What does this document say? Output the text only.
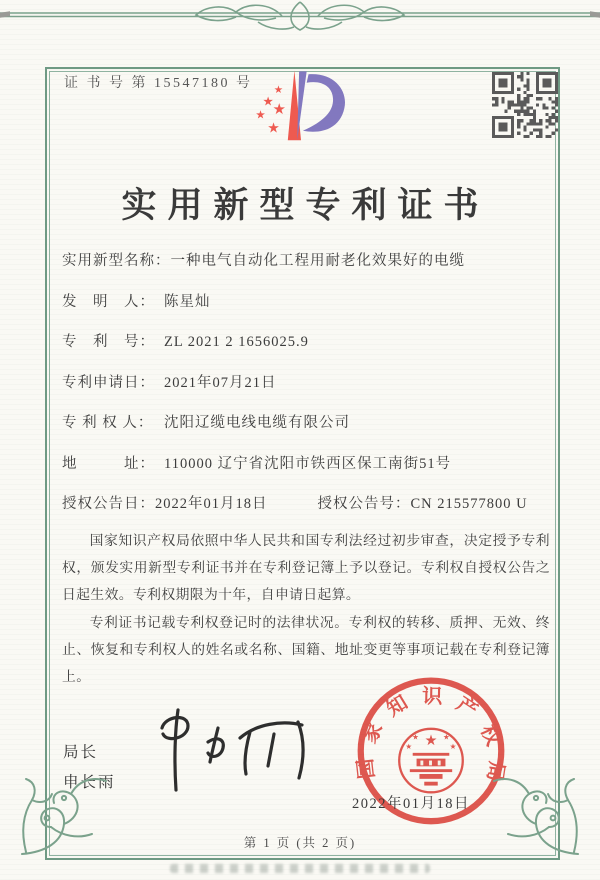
证 书 号 第 15547180 号 ★
★
★
★
★
实用新型专利证书
实用新型名称： 一种电气自动化工程用耐老化效果好的电缆
发　明　人： 陈星灿
专　利　号： ZL 2021 2 1656025.9
专利申请日： 2021年07月21日
专 利 权 人： 沈阳辽缆电线电缆有限公司
地　　　址： 110000 辽宁省沈阳市铁西区保工南街51号
授权公告日： 2022年01月18日	授权公告号： CN 215577800 U

国家知识产权局依照中华人民共和国专利法经过初步审查，决定授予专利权，颁发实用新型专利证书并在专利登记簿上予以登记。专利权自授权公告之日起生效。专利权期限为十年，自申请日起算。

专利证书记载专利权登记时的法律状况。专利权的转移、质押、无效、终止、恢复和专利权人的姓名或名称、国籍、地址变更等事项记载在专利登记簿上。

局长
申长雨
国家知识产权局
★
★	★
★	★
2022年01月18日
第 1 页 (共 2 页)
